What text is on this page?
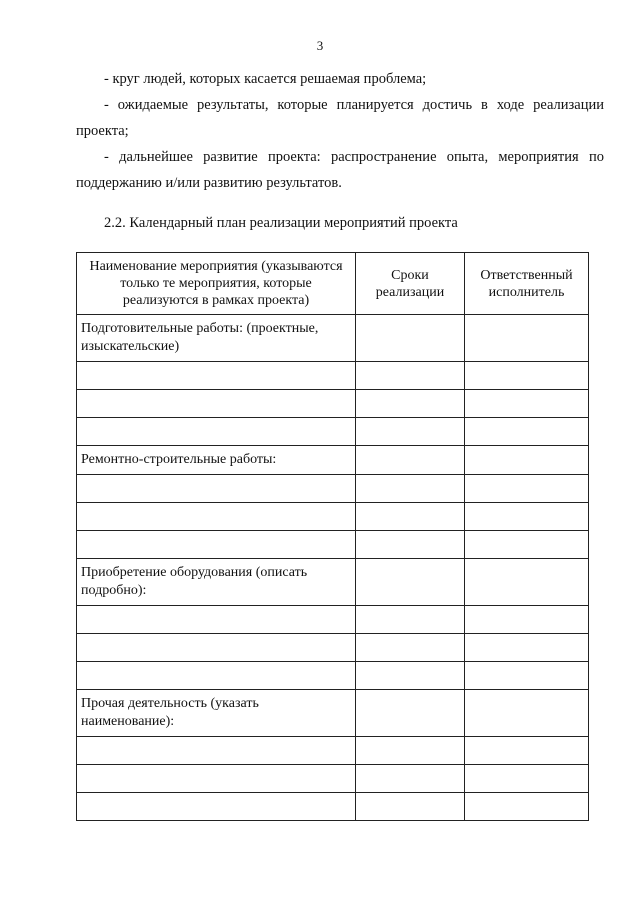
3

- круг людей, которых касается решаемая проблема;

- ожидаемые результаты, которые планируется достичь в ходе реализации проекта;

- дальнейшее развитие проекта: распространение опыта, мероприятия по поддержанию и/или развитию результатов.

2.2. Календарный план реализации мероприятий проекта
Наименование мероприятия (указываются только те мероприятия, которые реализуются в рамках проекта)	Сроки реализации	Ответственный исполнитель
Подготовительные работы: (проектные, изыскательские)		

Ремонтно-строительные работы:		

Приобретение оборудования (описать подробно):		

Прочая деятельность (указать наименование):		
